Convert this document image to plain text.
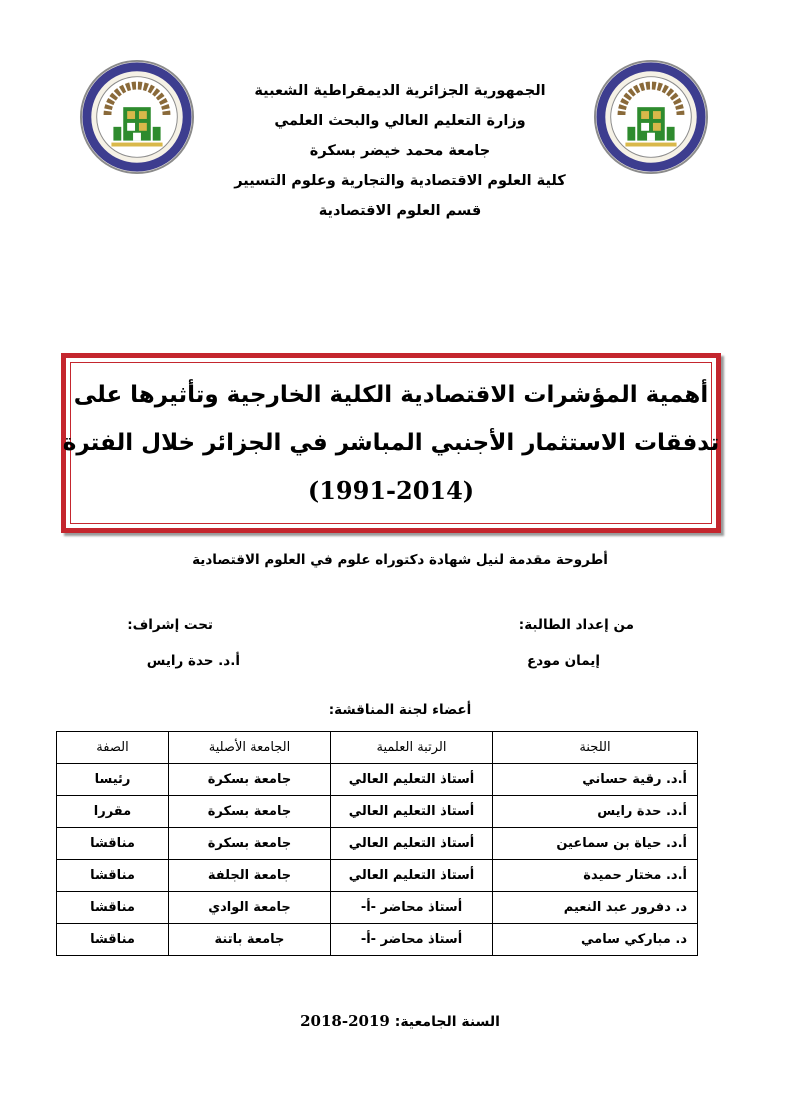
الجمهورية الجزائرية الديمقراطية الشعبية
وزارة التعليم العالي والبحث العلمي
جامعة محمد خيضر بسكرة
كلية العلوم الاقتصادية والتجارية وعلوم التسيير
قسم العلوم الاقتصادية
أهمية المؤشرات الاقتصادية الكلية الخارجية وتأثيرها على
تدفقات الاستثمار الأجنبي المباشر في الجزائر خلال الفترة
(1991-2014)
أطروحة مقدمة لنيل شهادة دكتوراه علوم في العلوم الاقتصادية
من إعداد الطالبة:
تحت إشراف:
إيمان مودع
أ.د. حدة رايس
أعضاء لجنة المناقشة:
اللجنة	الرتبة العلمية	الجامعة الأصلية	الصفة
أ.د. رقية حساني	أستاذ التعليم العالي	جامعة بسكرة	رئيسا
أ.د. حدة رايس	أستاذ التعليم العالي	جامعة بسكرة	مقررا
أ.د. حياة بن سماعين	أستاذ التعليم العالي	جامعة بسكرة	مناقشا
أ.د. مختار حميدة	أستاذ التعليم العالي	جامعة الجلفة	مناقشا
د. دفرور عبد النعيم	أستاذ محاضر -أ-	جامعة الوادي	مناقشا
د. مباركي سامي	أستاذ محاضر -أ-	جامعة باتنة	مناقشا
السنة الجامعية: 2018-2019
